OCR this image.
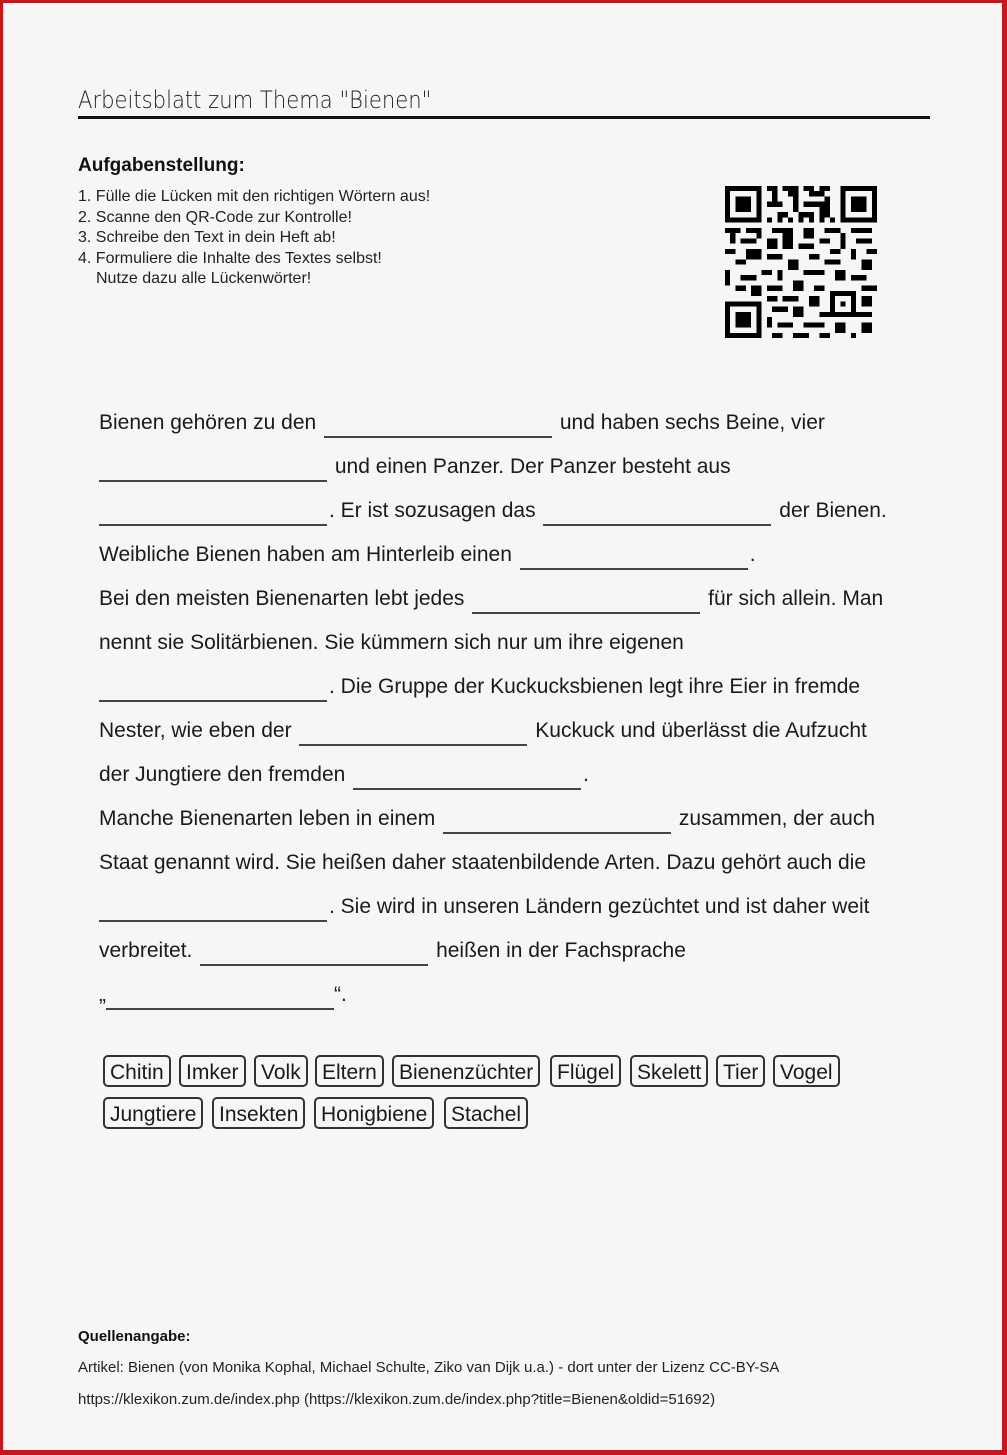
Arbeitsblatt zum Thema "Bienen"
Aufgabenstellung:
1. Fülle die Lücken mit den richtigen Wörtern aus!
2. Scanne den QR-Code zur Kontrolle!
3. Schreibe den Text in dein Heft ab!
4. Formuliere die Inhalte des Textes selbst!
Nutze dazu alle Lückenwörter!
Bienen gehören zu den	und haben sechs Beine, vier
und einen Panzer. Der Panzer besteht aus
. Er ist sozusagen das	der Bienen.
Weibliche Bienen haben am Hinterleib einen	.
Bei den meisten Bienenarten lebt jedes	für sich allein. Man
nennt sie Solitärbienen. Sie kümmern sich nur um ihre eigenen
. Die Gruppe der Kuckucksbienen legt ihre Eier in fremde
Nester, wie eben der	Kuckuck und überlässt die Aufzucht
der Jungtiere den fremden	.
Manche Bienenarten leben in einem	zusammen, der auch
Staat genannt wird. Sie heißen daher staatenbildende Arten. Dazu gehört auch die
. Sie wird in unseren Ländern gezüchtet und ist daher weit
verbreitet.	heißen in der Fachsprache
„	“.
Chitin	Imker	Volk	Eltern	Bienenzüchter	Flügel	Skelett	Tier	Vogel
Jungtiere	Insekten	Honigbiene	Stachel
Quellenangabe:
Artikel: Bienen (von Monika Kophal, Michael Schulte, Ziko van Dijk u.a.) - dort unter der Lizenz CC-BY-SA
https://klexikon.zum.de/index.php (https://klexikon.zum.de/index.php?title=Bienen&oldid=51692)
